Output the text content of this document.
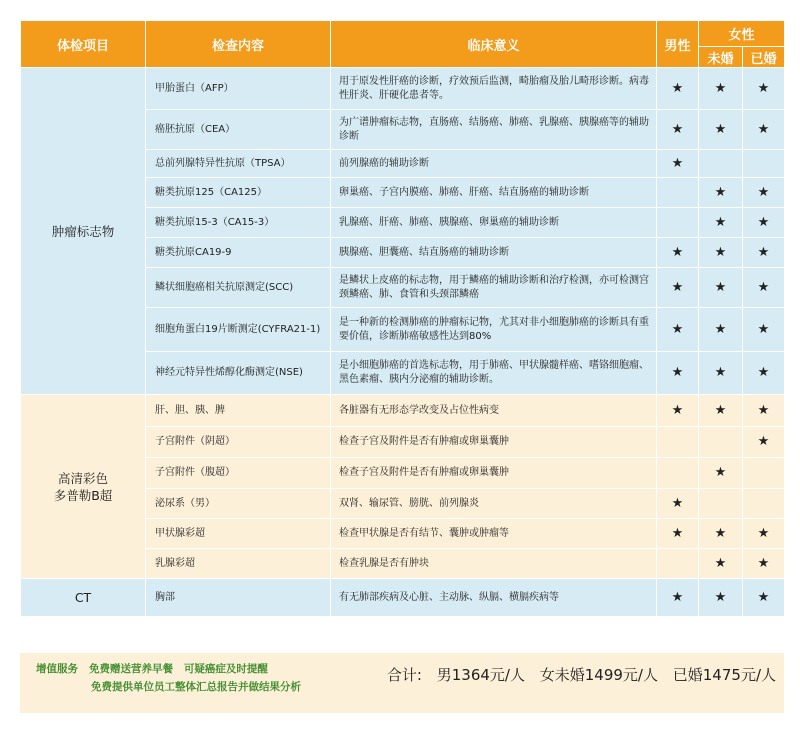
体检项目	检查内容	临床意义	男性	女性	
				未婚	已婚
肿瘤标志物	甲胎蛋白（AFP）	用于原发性肝癌的诊断，疗效预后监测，畸胎瘤及胎儿畸形诊断。病毒性肝炎、肝硬化患者等。	★	★	★
	癌胚抗原（CEA）	为广谱肿瘤标志物，直肠癌、结肠癌、肺癌、乳腺癌、胰腺癌等的辅助诊断	★	★	★
	总前列腺特异性抗原（TPSA）	前列腺癌的辅助诊断	★		
	糖类抗原125（CA125）	卵巢癌、子宫内膜癌、肺癌、肝癌、结直肠癌的辅助诊断		★	★
	糖类抗原15-3（CA15-3）	乳腺癌、肝癌、肺癌、胰腺癌、卵巢癌的辅助诊断		★	★
	糖类抗原CA19-9	胰腺癌、胆囊癌、结直肠癌的辅助诊断	★	★	★
	鳞状细胞癌相关抗原测定(SCC)	是鳞状上皮癌的标志物，用于鳞癌的辅助诊断和治疗检测，亦可检测宫颈鳞癌、肺、食管和头颈部鳞癌	★	★	★
	细胞角蛋白19片断测定(CYFRA21-1)	是一种新的检测肺癌的肿瘤标记物，尤其对非小细胞肺癌的诊断具有重要价值，诊断肺癌敏感性达到80%	★	★	★
	神经元特异性烯醇化酶测定(NSE)	是小细胞肺癌的首选标志物，用于肺癌、甲状腺髓样癌、嗜铬细胞瘤、黑色素瘤、胰内分泌瘤的辅助诊断。	★	★	★

高清彩色
多普勒B超	肝、胆、胰、脾	各脏器有无形态学改变及占位性病变	★	★	★
	子宫附件（阴超）	检查子宫及附件是否有肿瘤或卵巢囊肿			★
	子宫附件（腹超）	检查子宫及附件是否有肿瘤或卵巢囊肿		★	
	泌尿系（男）	双肾、输尿管、膀胱、前列腺炎	★		
	甲状腺彩超	检查甲状腺是否有结节、囊肿或肿瘤等	★	★	★
	乳腺彩超	检查乳腺是否有肿块		★	★
CT	胸部	有无肺部疾病及心脏、主动脉、纵膈、横膈疾病等	★	★	★
增值服务 免费赠送营养早餐 可疑癌症及时提醒
免费提供单位员工整体汇总报告并做结果分析
合计: 男1364元/人 女未婚1499元/人 已婚1475元/人
